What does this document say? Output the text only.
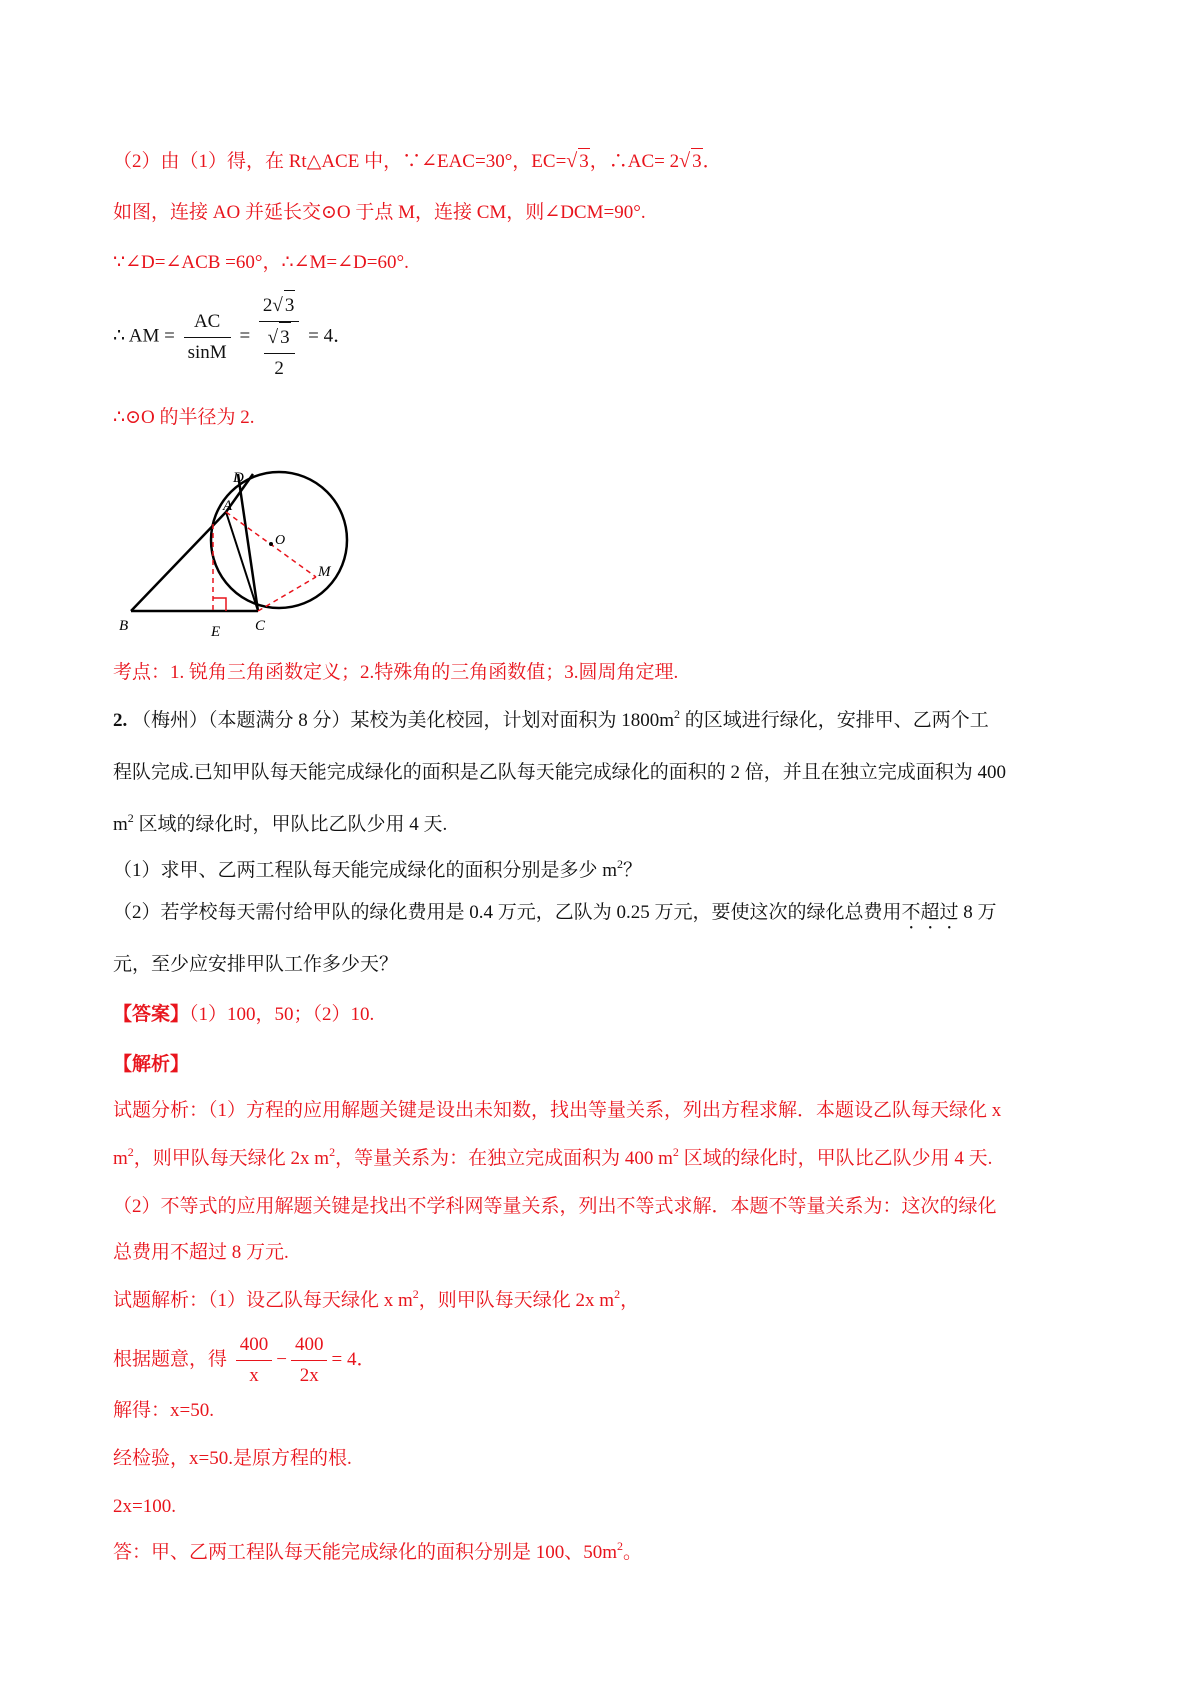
（2）由（1）得，在 Rt△ACE 中，∵∠EAC=30°，EC=√ 3，∴AC= 2√ 3．
如图，连接 AO 并延长交⊙O 于点 M，连接 CM，则∠DCM=90°.
∵∠D=∠ACB =60°，∴∠M=∠D=60°.
∴ AM = $\frac{AC}{\sin M} = \frac{2√ 3}{\frac{√ 3}{2}} = 4$．
∴⊙O 的半径为 2.
A
B	C
D
E
M
O
考点：1. 锐角三角函数定义；2.特殊角的三角函数值；3.圆周角定理.
2. （梅州）（本题满分 8 分）某校为美化校园，计划对面积为 $1800m^2$ 的区域进行绿化，安排甲、乙两个工
程队完成.已知甲队每天能完成绿化的面积是乙队每天能完成绿化的面积的 2 倍，并且在独立完成面积为 400
$m^2$ 区域的绿化时，甲队比乙队少用 4 天.
（1）求甲、乙两工程队每天能完成绿化的面积分别是多少 $m^2$？
（2）若学校每天需付给甲队的绿化费用是 0.4 万元，乙队为 0.25 万元，要使这次的绿化总费用不超过 8 万
元，至少应安排甲队工作多少天？
【答案】（1）100，50；（2）10.
【解析】
试题分析：（1）方程的应用解题关键是设出未知数，找出等量关系，列出方程求解．本题设乙队每天绿化 x
$m^2$，则甲队每天绿化 2x $m^2$，等量关系为：在独立完成面积为 400 $m^2$ 区域的绿化时，甲队比乙队少用 4 天.
（2）不等式的应用解题关键是找出不学科网等量关系，列出不等式求解．本题不等量关系为：这次的绿化
总费用不超过 8 万元.
试题解析：（1）设乙队每天绿化 x $m^2$，则甲队每天绿化 2x $m^2$，
根据题意，得 $\frac{400}{x} - \frac{400}{2x} = 4$．
解得：x=50.
经检验，x=50.是原方程的根.
2x=100.
答：甲、乙两工程队每天能完成绿化的面积分别是 100、$50m^2$。
